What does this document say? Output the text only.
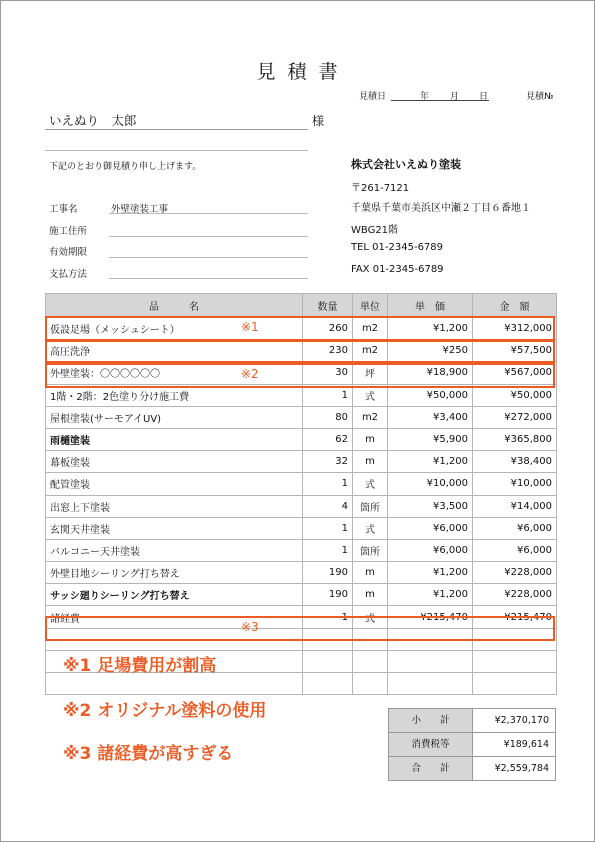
見 積 書
見積日	年 月 日	見積№
いえぬり　太郎	様
下記のとおり御見積り申し上げます。
工事名	外壁塗装工事
施工住所
有効期限
支払方法
株式会社いえぬり塗装
〒261-7121
千葉県千葉市美浜区中瀬２丁目６番地１
WBG21階
TEL 01-2345-6789
FAX 01-2345-6789
品　　　名	数量	単位	単　価	金　額
仮設足場（メッシュシート）	260	m2	¥1,200	¥312,000
高圧洗浄	230	m2	¥250	¥57,500
外壁塗装：〇〇〇〇〇〇	30	坪	¥18,900	¥567,000
1階・2階：2色塗り分け施工費	1	式	¥50,000	¥50,000
屋根塗装(サーモアイUV)	80	m2	¥3,400	¥272,000
雨樋塗装	62	m	¥5,900	¥365,800
幕板塗装	32	m	¥1,200	¥38,400
配管塗装	1	式	¥10,000	¥10,000
出窓上下塗装	4	箇所	¥3,500	¥14,000
玄関天井塗装	1	式	¥6,000	¥6,000
バルコニー天井塗装	1	箇所	¥6,000	¥6,000
外壁目地シーリング打ち替え	190	m	¥1,200	¥228,000
サッシ廻りシーリング打ち替え	190	m	¥1,200	¥228,000
諸経費	1	式	¥215,470	¥215,470

※1
※2
※3
※1 足場費用が割高
※2 オリジナル塗料の使用
※3 諸経費が高すぎる
小　　計	¥2,370,170
消費税等	¥189,614
合　　計	¥2,559,784
